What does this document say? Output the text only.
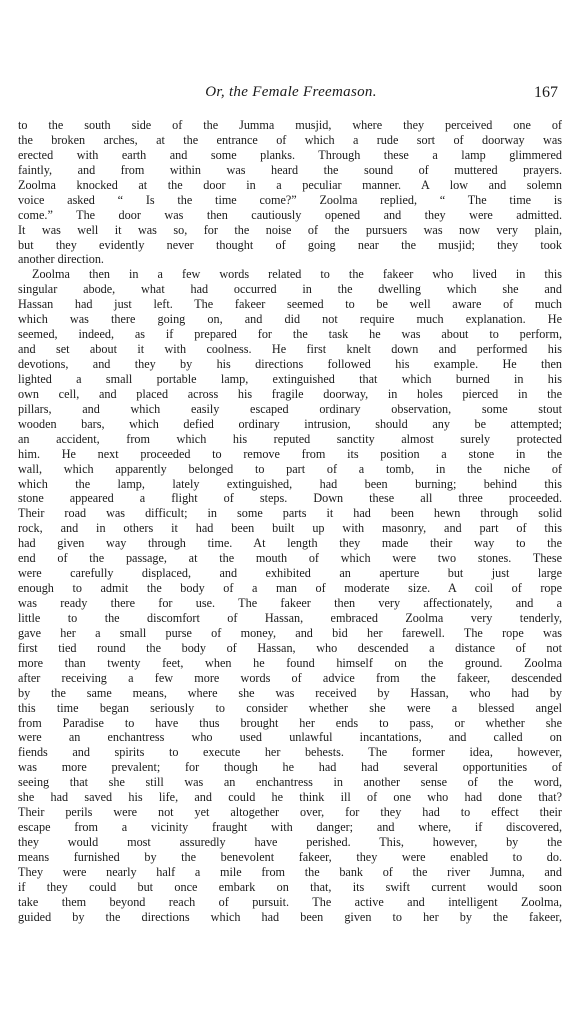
Or, the Female Freemason.	167
to the south side of the Jumma musjid, where they perceived one of
the broken arches, at the entrance of which a rude sort of doorway was
erected with earth and some planks. Through these a lamp glimmered
faintly, and from within was heard the sound of muttered prayers.
Zoolma knocked at the door in a peculiar manner. A low and solemn
voice asked “ Is the time come?” Zoolma replied, “ The time is
come.” The door was then cautiously opened and they were admitted.
It was well it was so, for the noise of the pursuers was now very plain,
but they evidently never thought of going near the musjid; they took
another direction.
Zoolma then in a few words related to the fakeer who lived in this
singular abode, what had occurred in the dwelling which she and
Hassan had just left. The fakeer seemed to be well aware of much
which was there going on, and did not require much explanation. He
seemed, indeed, as if prepared for the task he was about to perform,
and set about it with coolness. He first knelt down and performed his
devotions, and they by his directions followed his example. He then
lighted a small portable lamp, extinguished that which burned in his
own cell, and placed across his fragile doorway, in holes pierced in the
pillars, and which easily escaped ordinary observation, some stout
wooden bars, which defied ordinary intrusion, should any be attempted;
an accident, from which his reputed sanctity almost surely protected
him. He next proceeded to remove from its position a stone in the
wall, which apparently belonged to part of a tomb, in the niche of
which the lamp, lately extinguished, had been burning; behind this
stone appeared a flight of steps. Down these all three proceeded.
Their road was difficult; in some parts it had been hewn through solid
rock, and in others it had been built up with masonry, and part of this
had given way through time. At length they made their way to the
end of the passage, at the mouth of which were two stones. These
were carefully displaced, and exhibited an aperture but just large
enough to admit the body of a man of moderate size. A coil of rope
was ready there for use. The fakeer then very affectionately, and a
little to the discomfort of Hassan, embraced Zoolma very tenderly,
gave her a small purse of money, and bid her farewell. The rope was
first tied round the body of Hassan, who descended a distance of not
more than twenty feet, when he found himself on the ground. Zoolma
after receiving a few more words of advice from the fakeer, descended
by the same means, where she was received by Hassan, who had by
this time began seriously to consider whether she were a blessed angel
from Paradise to have thus brought her ends to pass, or whether she
were an enchantress who used unlawful incantations, and called on
fiends and spirits to execute her behests. The former idea, however,
was more prevalent; for though he had had several opportunities of
seeing that she still was an enchantress in another sense of the word,
she had saved his life, and could he think ill of one who had done that?
Their perils were not yet altogether over, for they had to effect their
escape from a vicinity fraught with danger; and where, if discovered,
they would most assuredly have perished. This, however, by the
means furnished by the benevolent fakeer, they were enabled to do.
They were nearly half a mile from the bank of the river Jumna, and
if they could but once embark on that, its swift current would soon
take them beyond reach of pursuit. The active and intelligent Zoolma,
guided by the directions which had been given to her by the fakeer,
